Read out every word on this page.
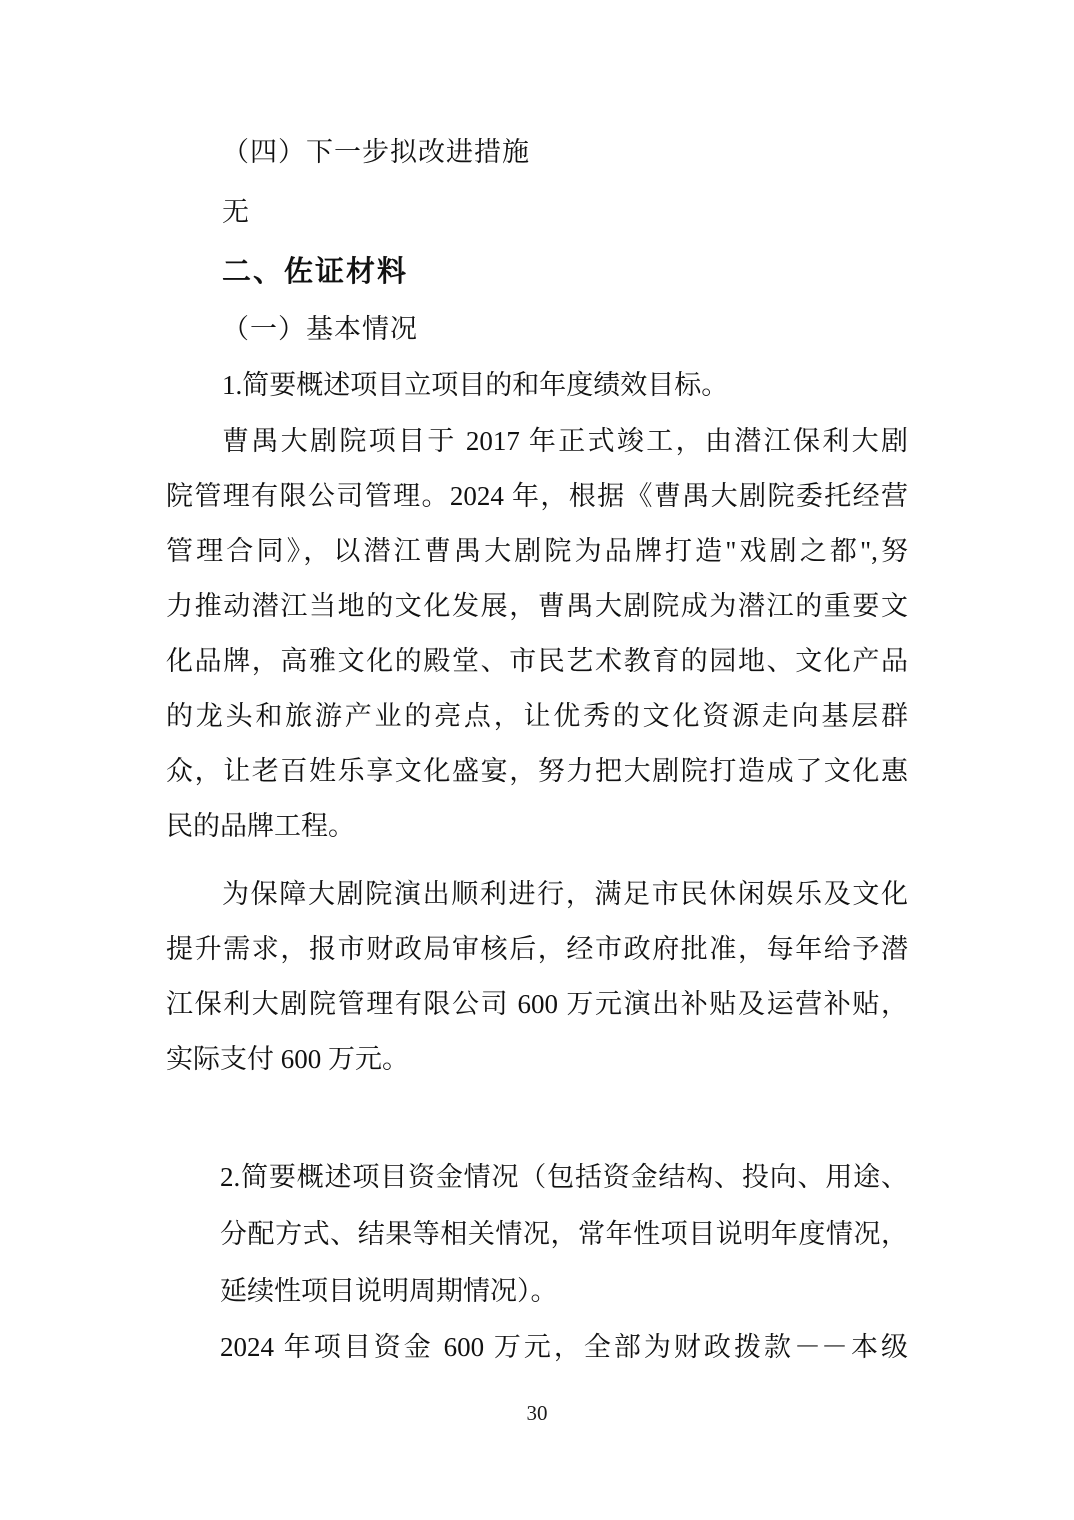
（四）下一步拟改进措施
无
二、佐证材料
（一）基本情况
1.简要概述项目立项目的和年度绩效目标。
曹禺大剧院项目于 2017 年正式竣工，由潜江保利大剧
院管理有限公司管理。2024 年，根据《曹禺大剧院委托经营
管理合同》，以潜江曹禺大剧院为品牌打造"戏剧之都",努
力推动潜江当地的文化发展，曹禺大剧院成为潜江的重要文
化品牌，高雅文化的殿堂、市民艺术教育的园地、文化产品
的龙头和旅游产业的亮点，让优秀的文化资源走向基层群
众，让老百姓乐享文化盛宴，努力把大剧院打造成了文化惠
民的品牌工程。
为保障大剧院演出顺利进行，满足市民休闲娱乐及文化
提升需求，报市财政局审核后，经市政府批准，每年给予潜
江保利大剧院管理有限公司 600 万元演出补贴及运营补贴，
实际支付 600 万元。
2.简要概述项目资金情况（包括资金结构、投向、用途、
分配方式、结果等相关情况，常年性项目说明年度情况，
延续性项目说明周期情况）。
2024 年项目资金 600 万元，全部为财政拨款－－本级
30
